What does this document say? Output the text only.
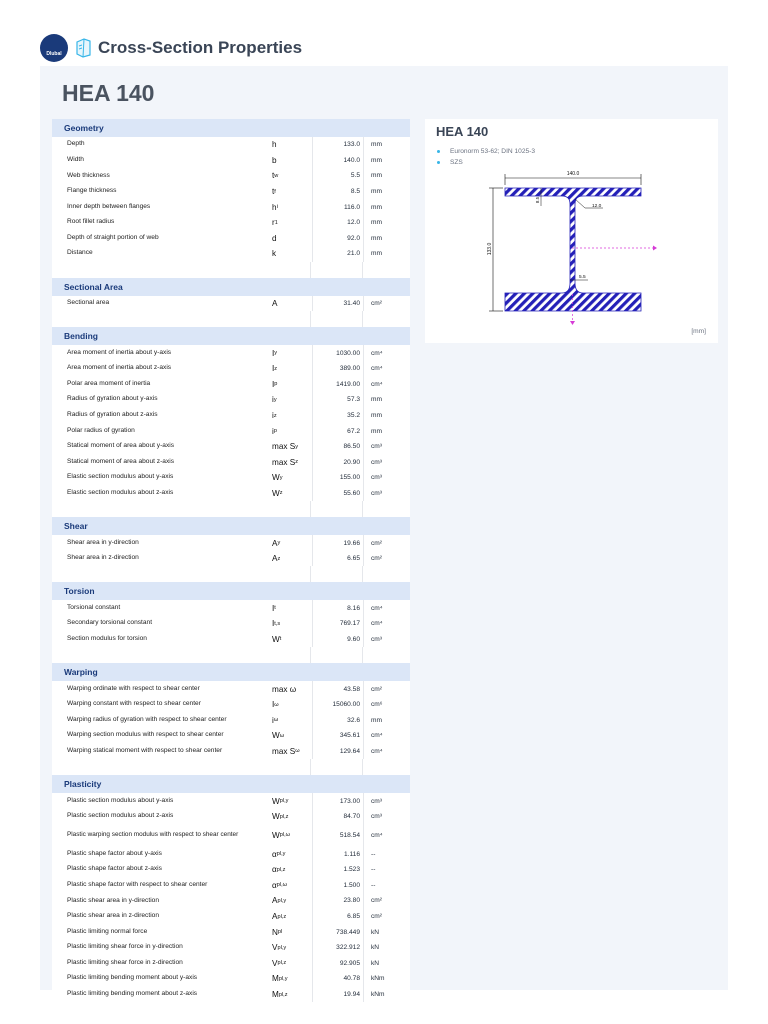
Dlubal Cross-Section Properties
HEA 140
Geometry
Depth	h	133.0	mm
Width	b	140.0	mm
Web thickness	t w	5.5	mm
Flange thickness	t f	8.5	mm
Inner depth between flanges	h i	116.0	mm
Root fillet radius	r 1	12.0	mm
Depth of straight portion of web	d	92.0	mm
Distance	k	21.0	mm
Sectional Area
Sectional area	A	31.40	cm²
Bending
Area moment of inertia about y-axis	I y	1030.00	cm⁴
Area moment of inertia about z-axis	I z	389.00	cm⁴
Polar area moment of inertia	I p	1419.00	cm⁴
Radius of gyration about y-axis	i y	57.3	mm
Radius of gyration about z-axis	i z	35.2	mm
Polar radius of gyration	i p	67.2	mm
Statical moment of area about y-axis	max S y	86.50	cm³
Statical moment of area about z-axis	max S z	20.90	cm³
Elastic section modulus about y-axis	W y	155.00	cm³
Elastic section modulus about z-axis	W z	55.60	cm³
Shear
Shear area in y-direction	A y	19.66	cm²
Shear area in z-direction	A z	6.65	cm²
Torsion
Torsional constant	I t	8.16	cm⁴
Secondary torsional constant	I t,s	769.17	cm⁴
Section modulus for torsion	W t	9.60	cm³
Warping
Warping ordinate with respect to shear center	max ω	43.58	cm²
Warping constant with respect to shear center	I ω	15060.00	cm⁶
Warping radius of gyration with respect to shear center	i ω	32.6	mm
Warping section modulus with respect to shear center	W ω	345.61	cm⁴
Warping statical moment with respect to shear center	max S ω	129.64	cm⁴
Plasticity
Plastic section modulus about y-axis	W pl,y	173.00	cm³
Plastic section modulus about z-axis	W pl,z	84.70	cm³
Plastic warping section modulus with respect to shear center	W pl,ω	518.54	cm⁴
Plastic shape factor about y-axis	α pl,y	1.116	--
Plastic shape factor about z-axis	α pl,z	1.523	--
Plastic shape factor with respect to shear center	α pl,ω	1.500	--
Plastic shear area in y-direction	A pl,y	23.80	cm²
Plastic shear area in z-direction	A pl,z	6.85	cm²
Plastic limiting normal force	N pl	738.449	kN
Plastic limiting shear force in y-direction	V pl,y	322.912	kN
Plastic limiting shear force in z-direction	V pl,z	92.905	kN
Plastic limiting bending moment about y-axis	M pl,y	40.78	kNm
Plastic limiting bending moment about z-axis	M pl,z	19.94	kNm
HEA 140
Euronorm 53-62; DIN 1025-3
SZS
140.0
133.0
8.5
12.0
5.5
[mm]
